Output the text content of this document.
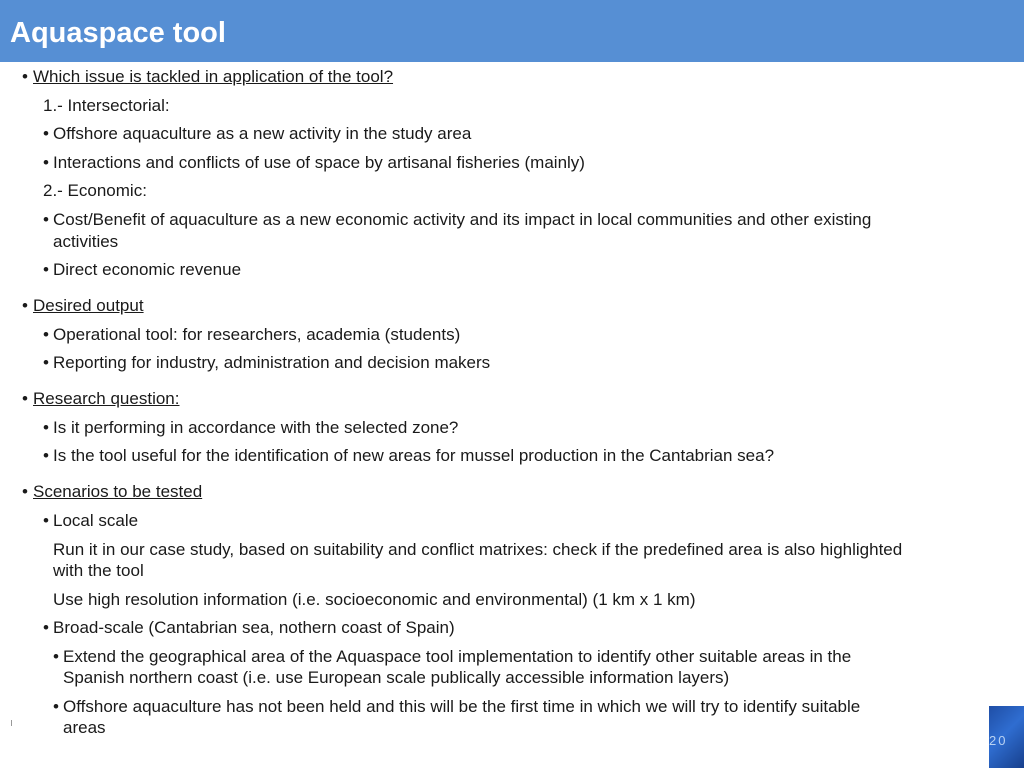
Aquaspace tool
• Which issue is tackled in application of the tool?
1.- Intersectorial:
• Offshore aquaculture as a new activity in the study area
• Interactions and conflicts of use of space by artisanal fisheries (mainly)
2.- Economic:
• Cost/Benefit of aquaculture as a new economic activity and its impact in local communities and other existing
activities
• Direct economic revenue
• Desired output
• Operational tool: for researchers, academia (students)
• Reporting for industry, administration and decision makers
• Research question:
• Is it performing in accordance with the selected zone?
• Is the tool useful for the identification of new areas for mussel production in the Cantabrian sea?
• Scenarios to be tested
• Local scale
Run it in our case study, based on suitability and conflict matrixes: check if the predefined area is also highlighted
with the tool
Use high resolution information (i.e. socioeconomic and environmental) (1 km x 1 km)
• Broad-scale (Cantabrian sea, nothern coast of Spain)
• Extend the geographical area of the Aquaspace tool implementation to identify other suitable areas in the
Spanish northern coast (i.e. use European scale publically accessible information layers)
• Offshore aquaculture has not been held and this will be the first time in which we will try to identify suitable
areas
20
